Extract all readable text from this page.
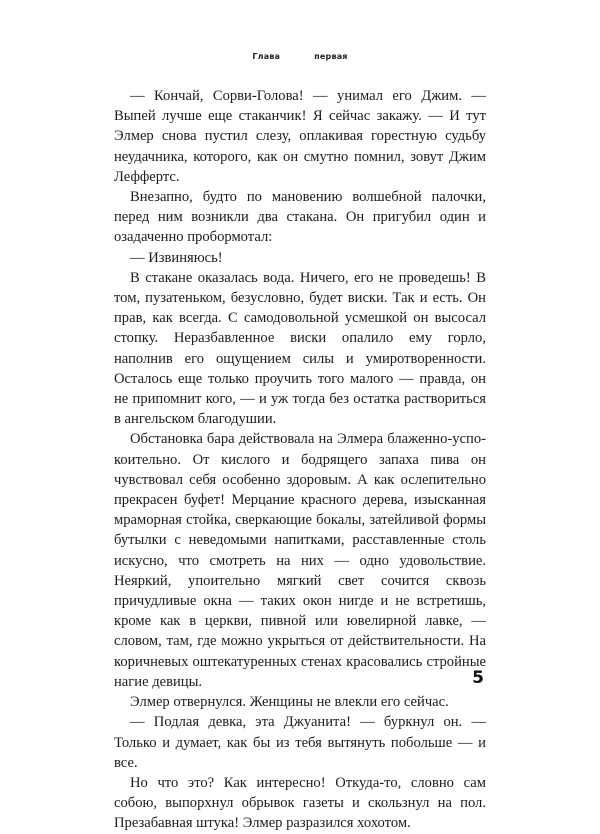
Глава	первая

— Кончай, Сорви-Голова! — унимал его Джим. — Выпей лучше еще стаканчик! Я сейчас закажу. — И тут Элмер снова пустил слезу, оплакивая горестную судьбу неудачника, которого, как он смутно помнил, зовут Джим Леффертс.

Внезапно, будто по мановению волшебной палочки, перед ним возникли два стакана. Он пригубил один и озадаченно пробормотал:

— Извиняюсь!

В стакане оказалась вода. Ничего, его не проведешь! В том, пузатеньком, безусловно, будет виски. Так и есть. Он прав, как всегда. С самодовольной усмешкой он высосал стопку. Неразбавленное виски опалило ему горло, наполнив его ощущением силы и умиротворенности. Осталось еще только проучить того малого — правда, он не припомнит кого, — и уж тогда без остатка раствориться в ангельском благодушии.

Обстановка бара действовала на Элмера блаженно-успокоительно. От кислого и бодрящего запаха пива он чувствовал себя особенно здоровым. А как ослепительно прекрасен буфет! Мерцание красного дерева, изысканная мраморная стойка, сверкающие бокалы, затейливой формы бутылки с неведомыми напитками, расставленные столь искусно, что смотреть на них — одно удовольствие. Неяркий, упоительно мягкий свет сочится сквозь причудливые окна — таких окон нигде и не встретишь, кроме как в церкви, пивной или ювелирной лавке, — словом, там, где можно укрыться от действительности. На коричневых оштекатуренных стенах красовались стройные нагие девицы.

Элмер отвернулся. Женщины не влекли его сейчас.

— Подлая девка, эта Джуанита! — буркнул он. — Только и думает, как бы из тебя вытянуть побольше — и все.

Но что это? Как интересно! Откуда-то, словно сам собою, выпорхнул обрывок газеты и скользнул на пол. Презабавная штука! Элмер разразился хохотом.

5
